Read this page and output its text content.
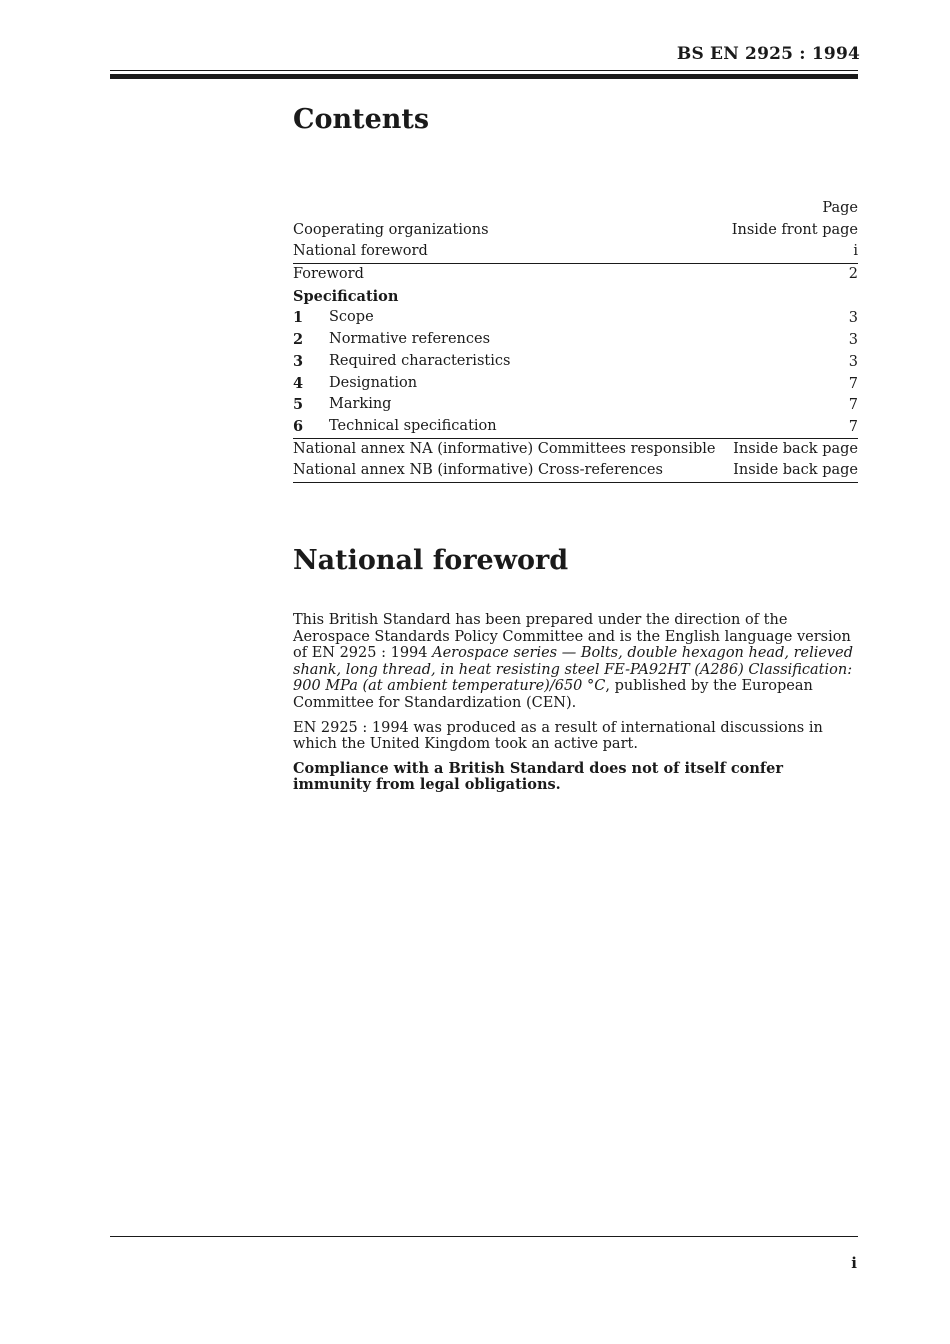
BS EN 2925 : 1994
Contents
Page
Cooperating organizations	Inside front page
National foreword	i
Foreword	2
Specification
1	Scope	3
2	Normative references	3
3	Required characteristics	3
4	Designation	7
5	Marking	7
6	Technical specification	7
National annex NA (informative) Committees responsible Inside back page
National annex NB (informative) Cross-references	Inside back page
National foreword

This British Standard has been prepared under the direction of the Aerospace Standards Policy Committee and is the English language version of EN 2925 : 1994 Aerospace series — Bolts, double hexagon head, relieved shank, long thread, in heat resisting steel FE-PA92HT (A286) Classification: 900 MPa (at ambient temperature)/650 °C, published by the European Committee for Standardization (CEN).

EN 2925 : 1994 was produced as a result of international discussions in which the United Kingdom took an active part.

Compliance with a British Standard does not of itself confer immunity from legal obligations.

i
